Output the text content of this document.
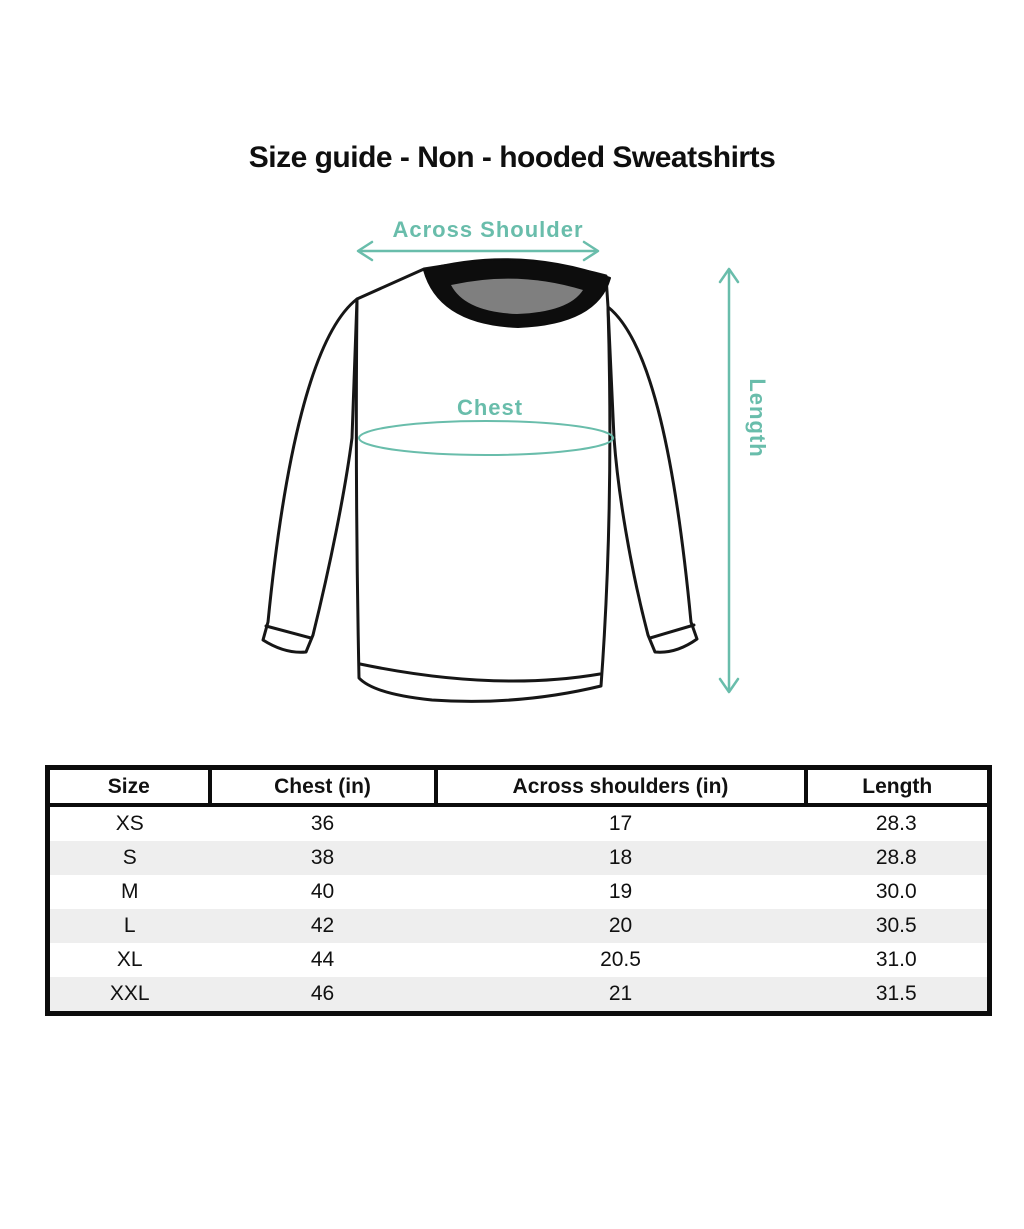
Size guide - Non - hooded Sweatshirts
Across Shoulder
Chest	Length
Size	Chest (in)	Across shoulders (in)	Length
XS	36	17	28.3
S	38	18	28.8
M	40	19	30.0
L	42	20	30.5
XL	44	20.5	31.0
XXL	46	21	31.5
